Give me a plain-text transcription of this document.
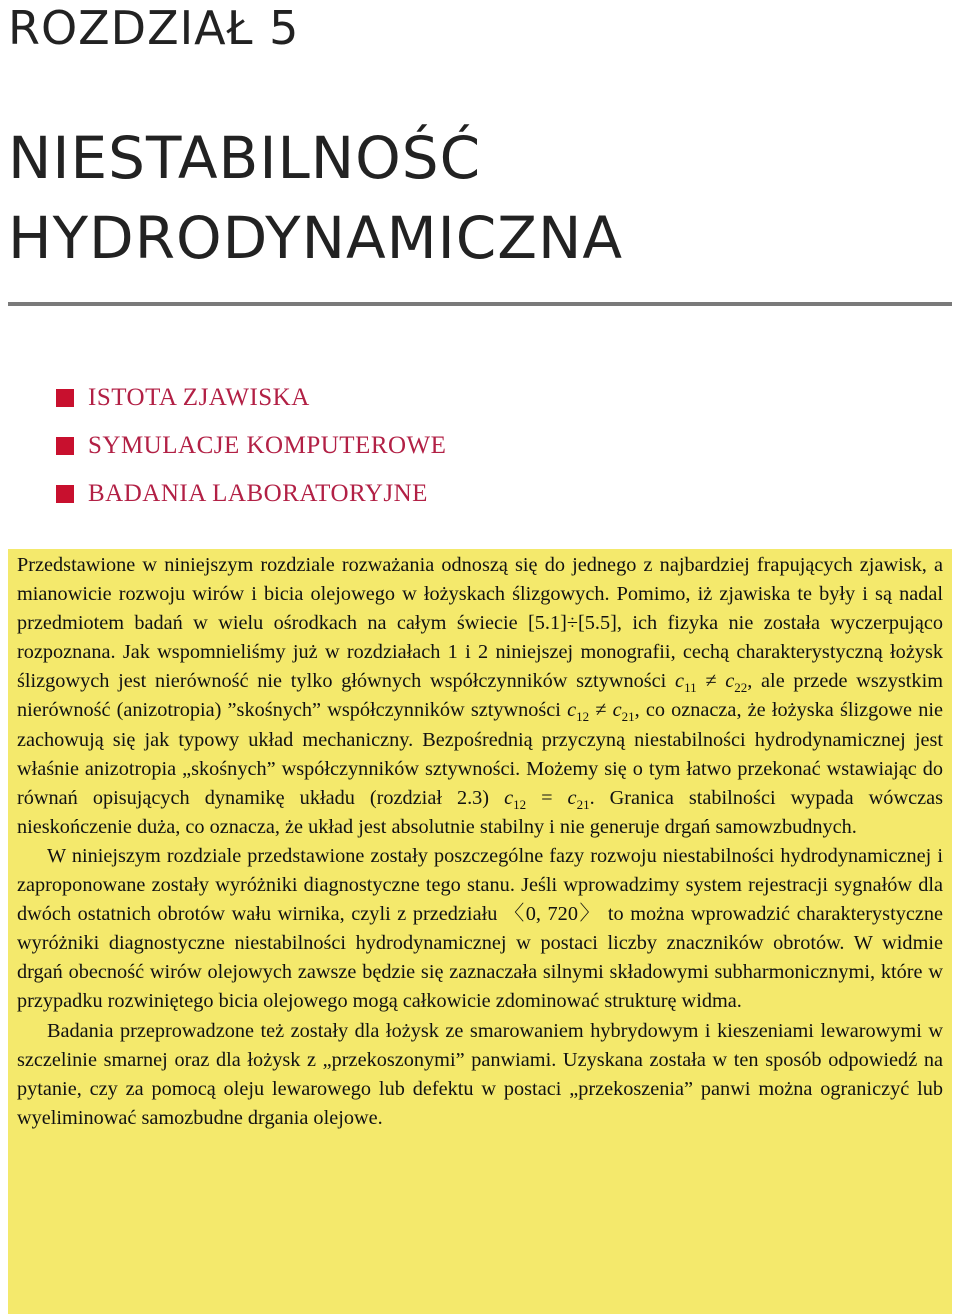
ROZDZIAŁ 5
NIESTABILNOŚĆ
HYDRODYNAMICZNA
ISTOTA ZJAWISKA
SYMULACJE KOMPUTEROWE
BADANIA LABORATORYJNE

Przedstawione w niniejszym rozdziale rozważania odnoszą się do jednego z najbardziej frapujących zjawisk, a mianowicie rozwoju wirów i bicia olejowego w łożyskach ślizgowych. Pomimo, iż zjawiska te były i są nadal przedmiotem badań w wielu ośrodkach na całym świecie [5.1]÷[5.5], ich fizyka nie została wyczerpująco rozpoznana. Jak wspomnieliśmy już w rozdziałach 1 i 2 niniejszej monografii, cechą charakterystyczną łożysk ślizgowych jest nierówność nie tylko głównych współczynników sztywności $c_{11} \ne c_{22}$, ale przede wszystkim nierówność (anizotropia) ”skośnych” współczynników sztywności $c_{12} \ne c_{21}$, co oznacza, że łożyska ślizgowe nie zachowują się jak typowy układ mechaniczny. Bezpośrednią przyczyną niestabilności hydrodynamicznej jest właśnie anizotropia „skośnych” współczynników sztywności. Możemy się o tym łatwo przekonać wstawiając do równań opisujących dynamikę układu (rozdział 2.3) $c_{12} = c_{21}$. Granica stabilności wypada wówczas nieskończenie duża, co oznacza, że układ jest absolutnie stabilny i nie generuje drgań samowzbudnych.

W niniejszym rozdziale przedstawione zostały poszczególne fazy rozwoju niestabilności hydrodynamicznej i zaproponowane zostały wyróżniki diagnostyczne tego stanu. Jeśli wprowadzimy system rejestracji sygnałów dla dwóch ostatnich obrotów wału wirnika, czyli z przedziału 〈0, 720〉 to można wprowadzić charakterystyczne wyróżniki diagnostyczne niestabilności hydrodynamicznej w postaci liczby znaczników obrotów. W widmie drgań obecność wirów olejowych zawsze będzie się zaznaczała silnymi składowymi subharmonicznymi, które w przypadku rozwiniętego bicia olejowego mogą całkowicie zdominować strukturę widma.

Badania przeprowadzone też zostały dla łożysk ze smarowaniem hybrydowym i kieszeniami lewarowymi w szczelinie smarnej oraz dla łożysk z „przekoszonymi” panwiami. Uzyskana została w ten sposób odpowiedź na pytanie, czy za pomocą oleju lewarowego lub defektu w postaci „przekoszenia” panwi można ograniczyć lub wyeliminować samozbudne drgania olejowe.
